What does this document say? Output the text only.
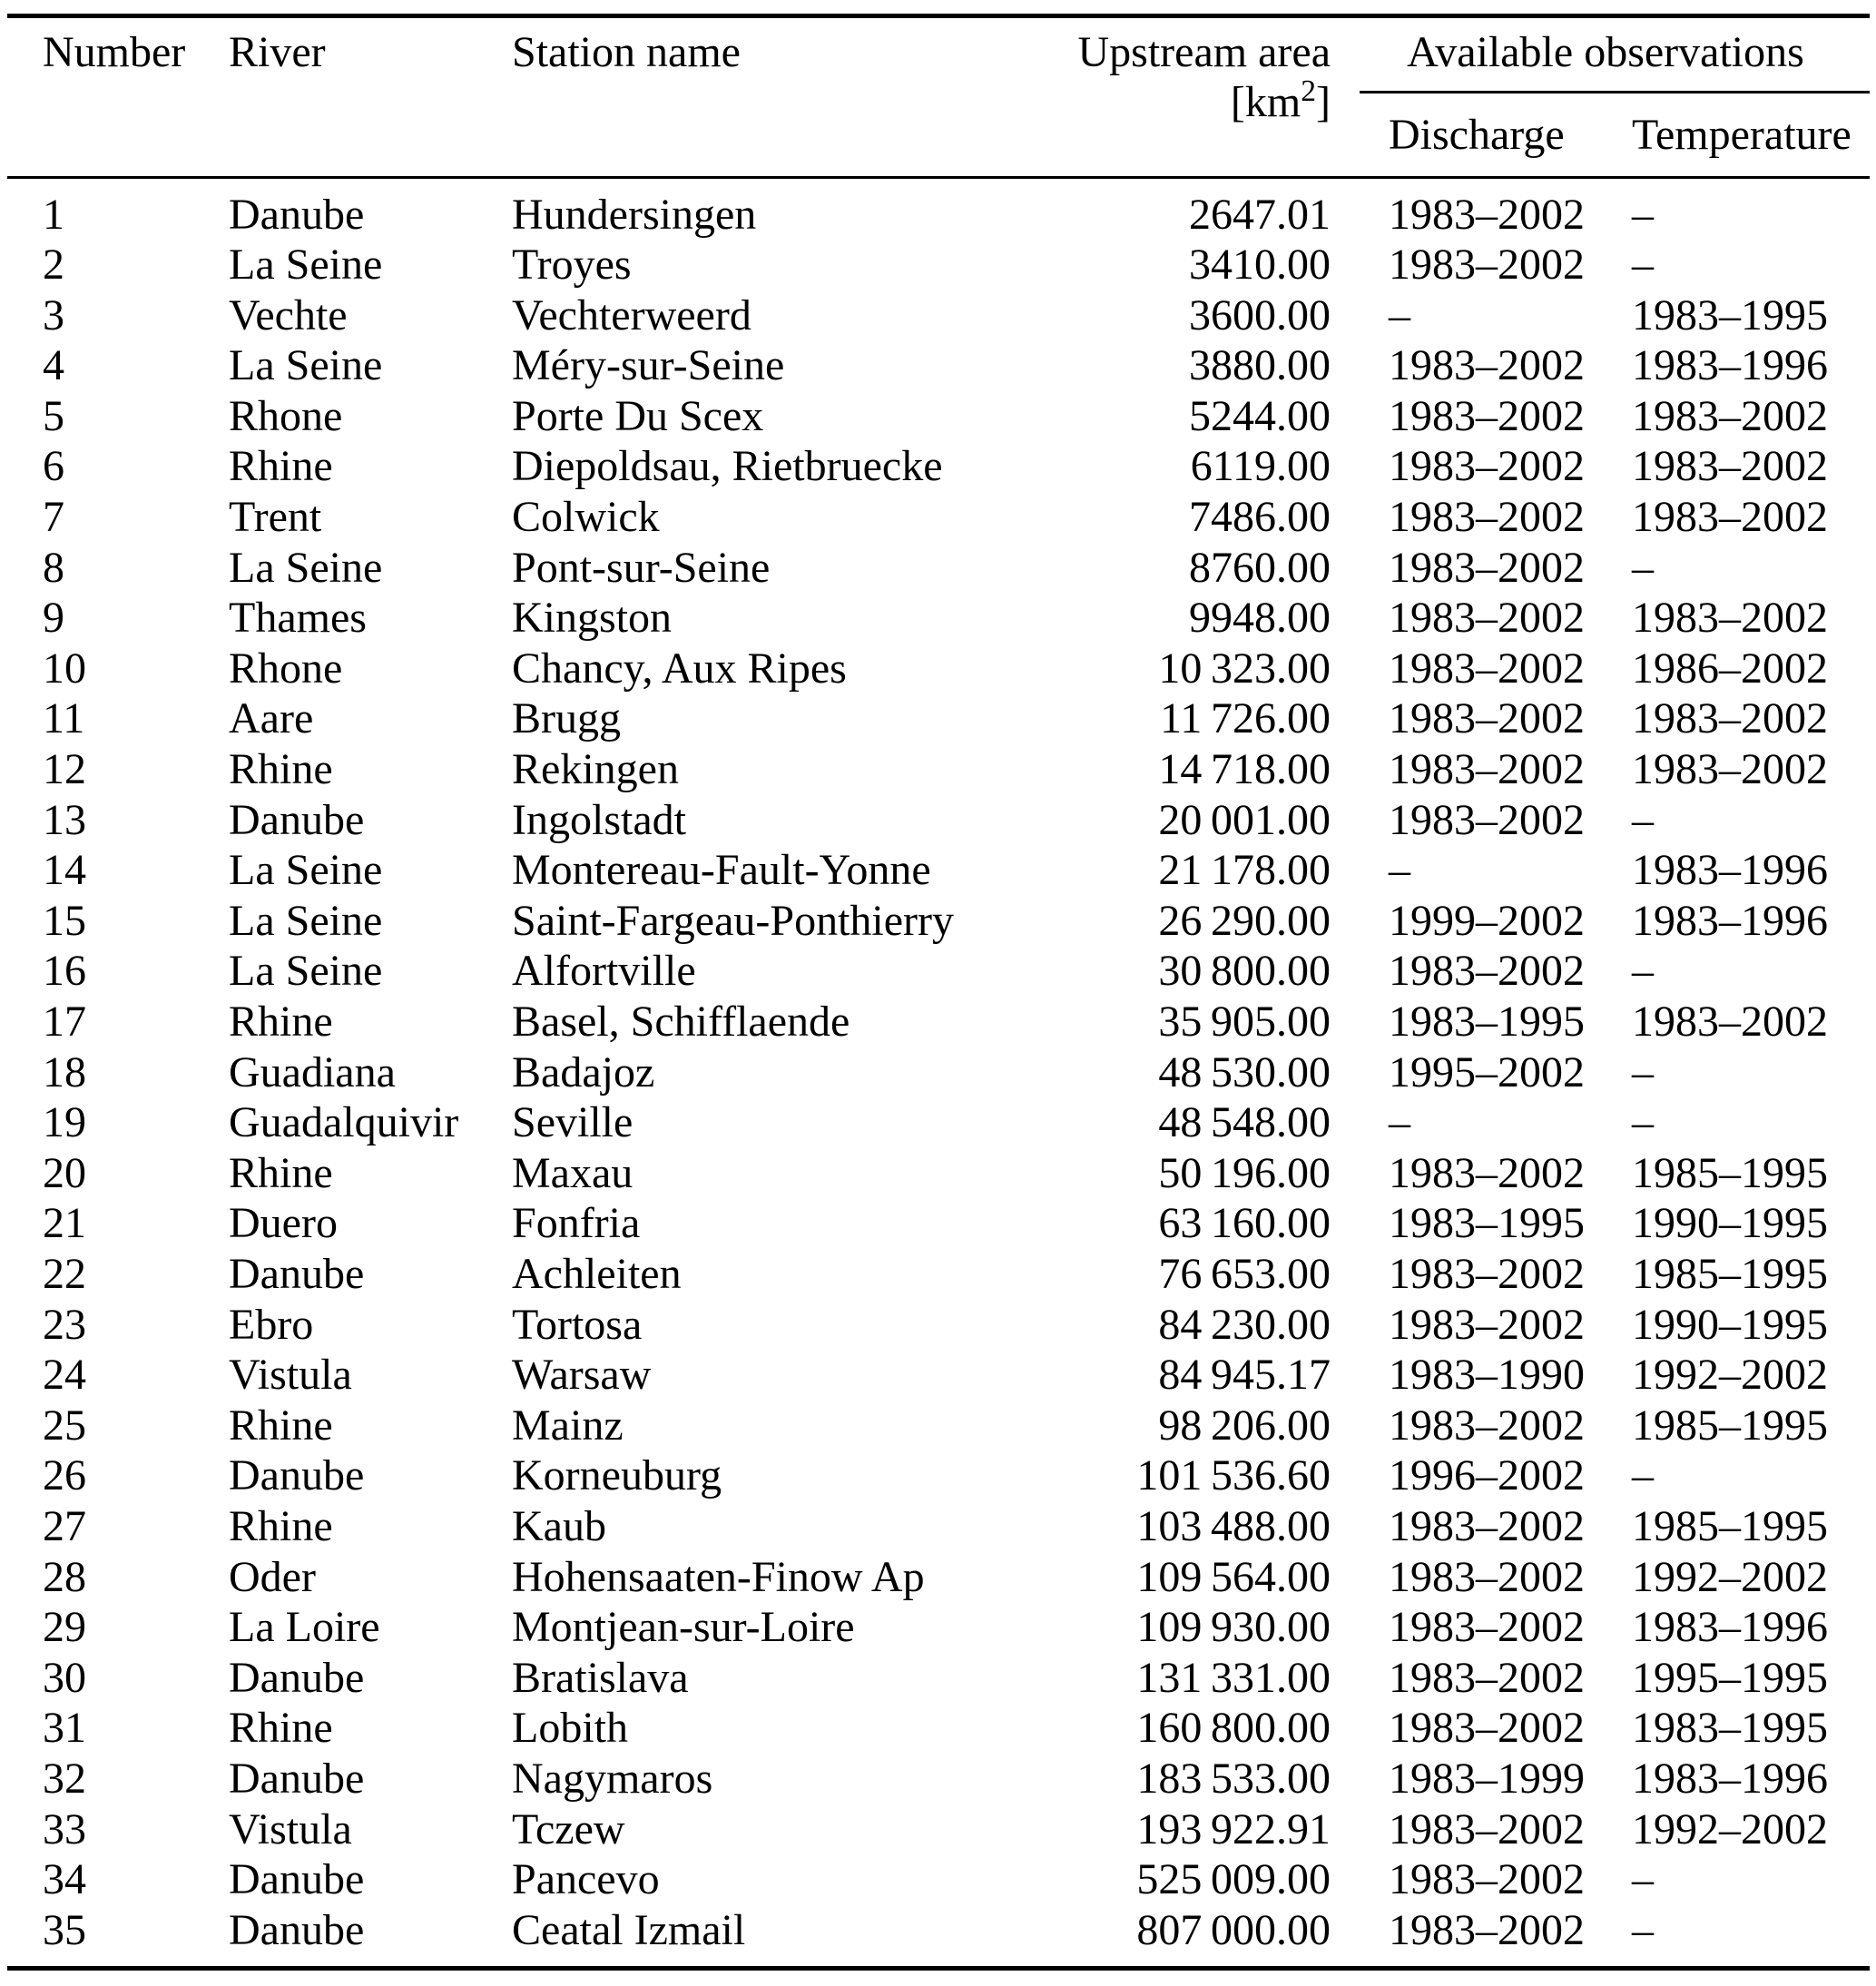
Number	River	Station name	Upstream area $[km^2]$	Available observations	

				Discharge	Temperature
1	Danube	Hundersingen	2647.01	1983–2002	–
2	La Seine	Troyes	3410.00	1983–2002	–
3	Vechte	Vechterweerd	3600.00	–	1983–1995
4	La Seine	Méry-sur-Seine	3880.00	1983–2002	1983–1996
5	Rhone	Porte Du Scex	5244.00	1983–2002	1983–2002
6	Rhine	Diepoldsau, Rietbruecke	6119.00	1983–2002	1983–2002
7	Trent	Colwick	7486.00	1983–2002	1983–2002
8	La Seine	Pont-sur-Seine	8760.00	1983–2002	–
9	Thames	Kingston	9948.00	1983–2002	1983–2002
10	Rhone	Chancy, Aux Ripes	10 323.00	1983–2002	1986–2002
11	Aare	Brugg	11 726.00	1983–2002	1983–2002
12	Rhine	Rekingen	14 718.00	1983–2002	1983–2002
13	Danube	Ingolstadt	20 001.00	1983–2002	–
14	La Seine	Montereau-Fault-Yonne	21 178.00	–	1983–1996
15	La Seine	Saint-Fargeau-Ponthierry	26 290.00	1999–2002	1983–1996
16	La Seine	Alfortville	30 800.00	1983–2002	–
17	Rhine	Basel, Schifflaende	35 905.00	1983–1995	1983–2002
18	Guadiana	Badajoz	48 530.00	1995–2002	–
19	Guadalquivir	Seville	48 548.00	–	–
20	Rhine	Maxau	50 196.00	1983–2002	1985–1995
21	Duero	Fonfria	63 160.00	1983–1995	1990–1995
22	Danube	Achleiten	76 653.00	1983–2002	1985–1995
23	Ebro	Tortosa	84 230.00	1983–2002	1990–1995
24	Vistula	Warsaw	84 945.17	1983–1990	1992–2002
25	Rhine	Mainz	98 206.00	1983–2002	1985–1995
26	Danube	Korneuburg	101 536.60	1996–2002	–
27	Rhine	Kaub	103 488.00	1983–2002	1985–1995
28	Oder	Hohensaaten-Finow Ap	109 564.00	1983–2002	1992–2002
29	La Loire	Montjean-sur-Loire	109 930.00	1983–2002	1983–1996
30	Danube	Bratislava	131 331.00	1983–2002	1995–1995
31	Rhine	Lobith	160 800.00	1983–2002	1983–1995
32	Danube	Nagymaros	183 533.00	1983–1999	1983–1996
33	Vistula	Tczew	193 922.91	1983–2002	1992–2002
34	Danube	Pancevo	525 009.00	1983–2002	–
35	Danube	Ceatal Izmail	807 000.00	1983–2002	–
